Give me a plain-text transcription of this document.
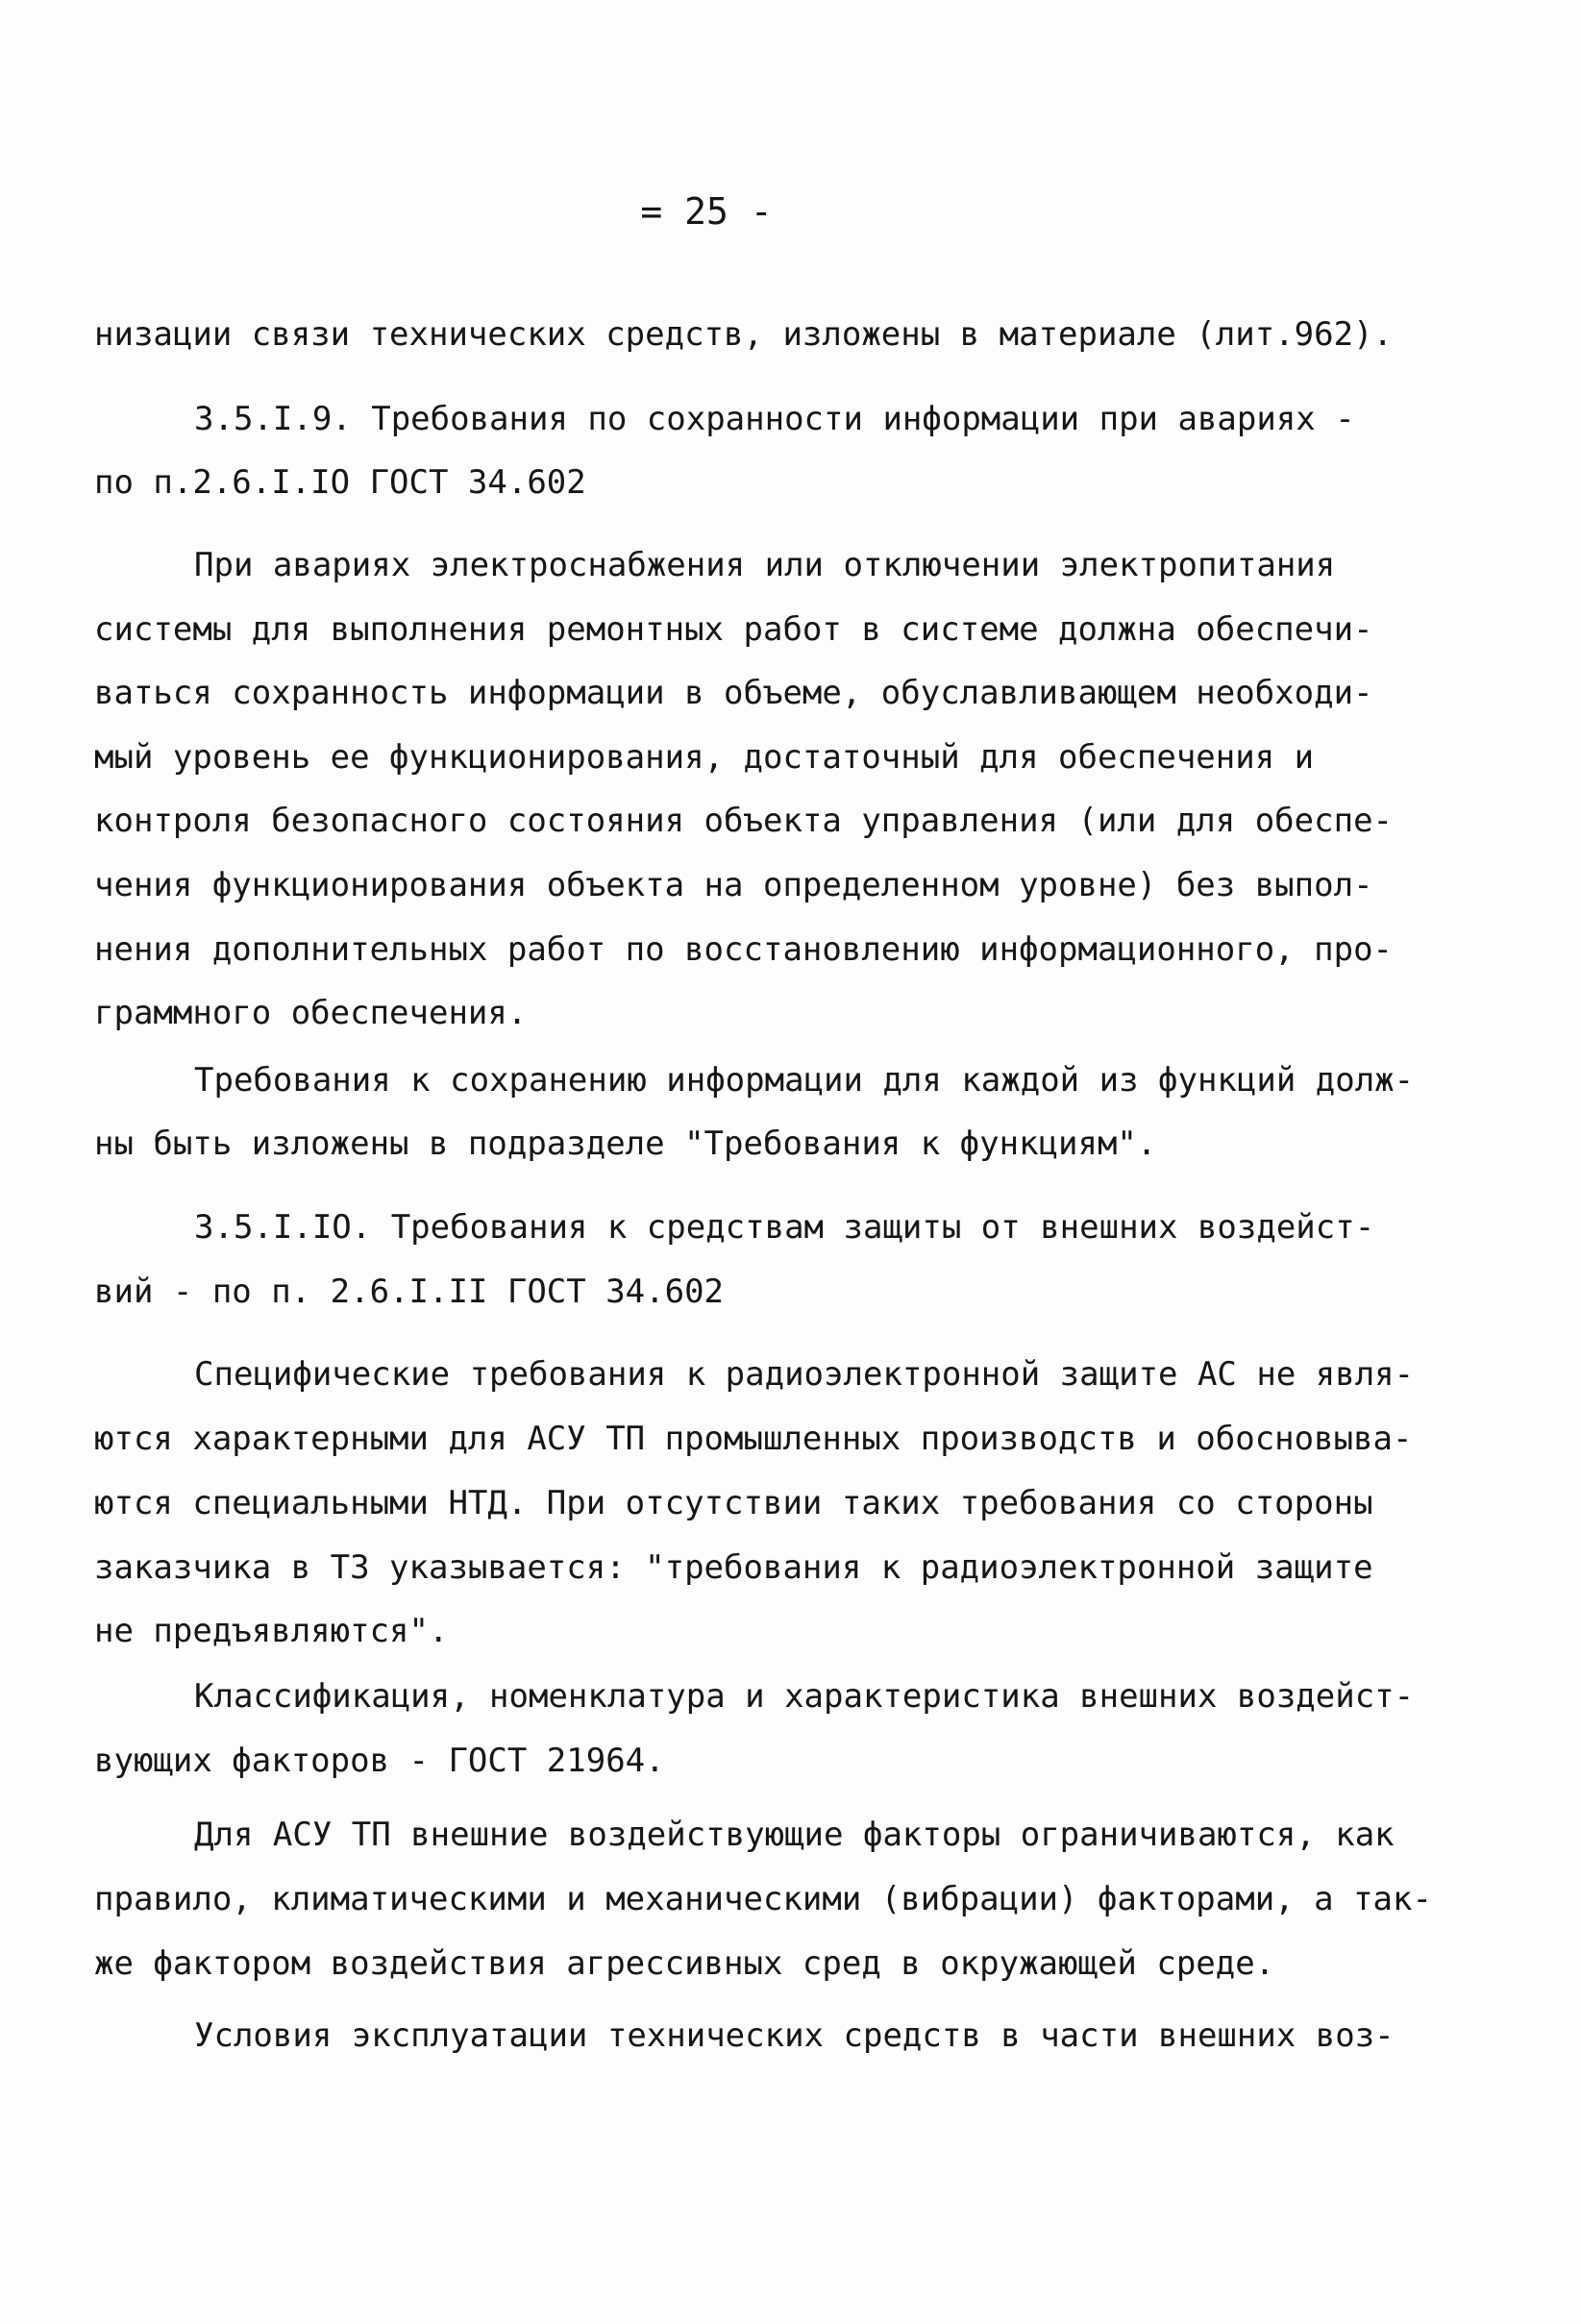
= 25 -
низации связи технических средств, изложены в материале (лит.962).
3.5.I.9. Требования по сохранности информации при авариях -
по п.2.6.I.IO ГОСТ 34.602
При авариях электроснабжения или отключении электропитания
системы для выполнения ремонтных работ в системе должна обеспечи-
ваться сохранность информации в объеме, обуславливающем необходи-
мый уровень ее функционирования, достаточный для обеспечения и
контроля безопасного состояния объекта управления (или для обеспе-
чения функционирования объекта на определенном уровне) без выпол-
нения дополнительных работ по восстановлению информационного, про-
граммного обеспечения.
Требования к сохранению информации для каждой из функций долж-
ны быть изложены в подразделе "Требования к функциям".
3.5.I.IO. Требования к средствам защиты от внешних воздейст-
вий - по п. 2.6.I.II ГОСТ 34.602
Специфические требования к радиоэлектронной защите АС не явля-
ются характерными для АСУ ТП промышленных производств и обосновыва-
ются специальными НТД. При отсутствии таких требования со стороны
заказчика в ТЗ указывается: "требования к радиоэлектронной защите
не предъявляются".
Классификация, номенклатура и характеристика внешних воздейст-
вующих факторов - ГОСТ 21964.
Для АСУ ТП внешние воздействующие факторы ограничиваются, как
правило, климатическими и механическими (вибрации) факторами, а так-
же фактором воздействия агрессивных сред в окружающей среде.
Условия эксплуатации технических средств в части внешних воз-
